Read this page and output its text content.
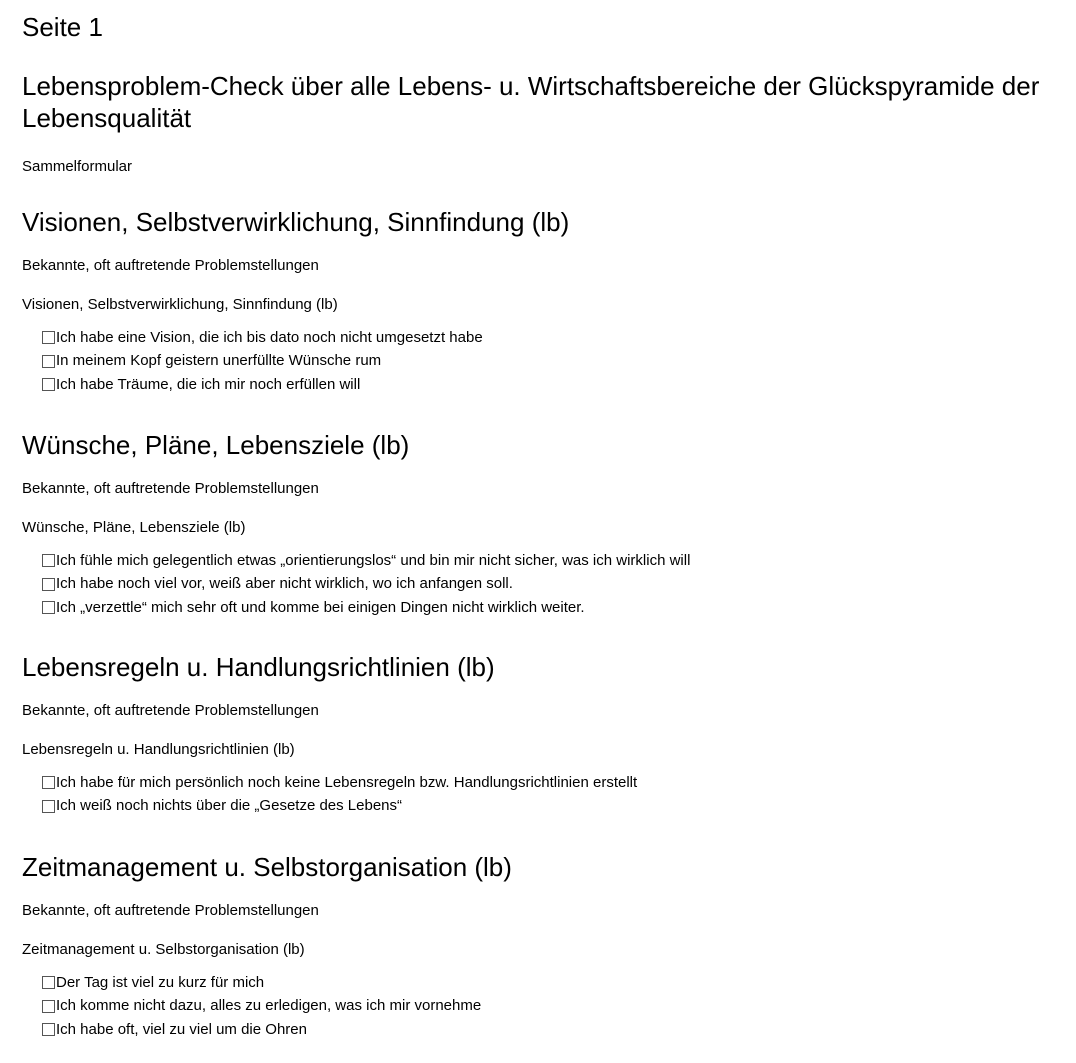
Seite 1
Lebensproblem-Check über alle Lebens- u. Wirtschaftsbereiche der Glückspyramide der Lebensqualität

Sammelformular

Visionen, Selbstverwirklichung, Sinnfindung (lb)

Bekannte, oft auftretende Problemstellungen

Visionen, Selbstverwirklichung, Sinnfindung (lb)

Ich habe eine Vision, die ich bis dato noch nicht umgesetzt habe
In meinem Kopf geistern unerfüllte Wünsche rum
Ich habe Träume, die ich mir noch erfüllen will
Wünsche, Pläne, Lebensziele (lb)

Bekannte, oft auftretende Problemstellungen

Wünsche, Pläne, Lebensziele (lb)

Ich fühle mich gelegentlich etwas „orientierungslos“ und bin mir nicht sicher, was ich wirklich will
Ich habe noch viel vor, weiß aber nicht wirklich, wo ich anfangen soll.
Ich „verzettle“ mich sehr oft und komme bei einigen Dingen nicht wirklich weiter.
Lebensregeln u. Handlungsrichtlinien (lb)

Bekannte, oft auftretende Problemstellungen

Lebensregeln u. Handlungsrichtlinien (lb)

Ich habe für mich persönlich noch keine Lebensregeln bzw. Handlungsrichtlinien erstellt
Ich weiß noch nichts über die „Gesetze des Lebens“
Zeitmanagement u. Selbstorganisation (lb)

Bekannte, oft auftretende Problemstellungen

Zeitmanagement u. Selbstorganisation (lb)

Der Tag ist viel zu kurz für mich
Ich komme nicht dazu, alles zu erledigen, was ich mir vornehme
Ich habe oft, viel zu viel um die Ohren
